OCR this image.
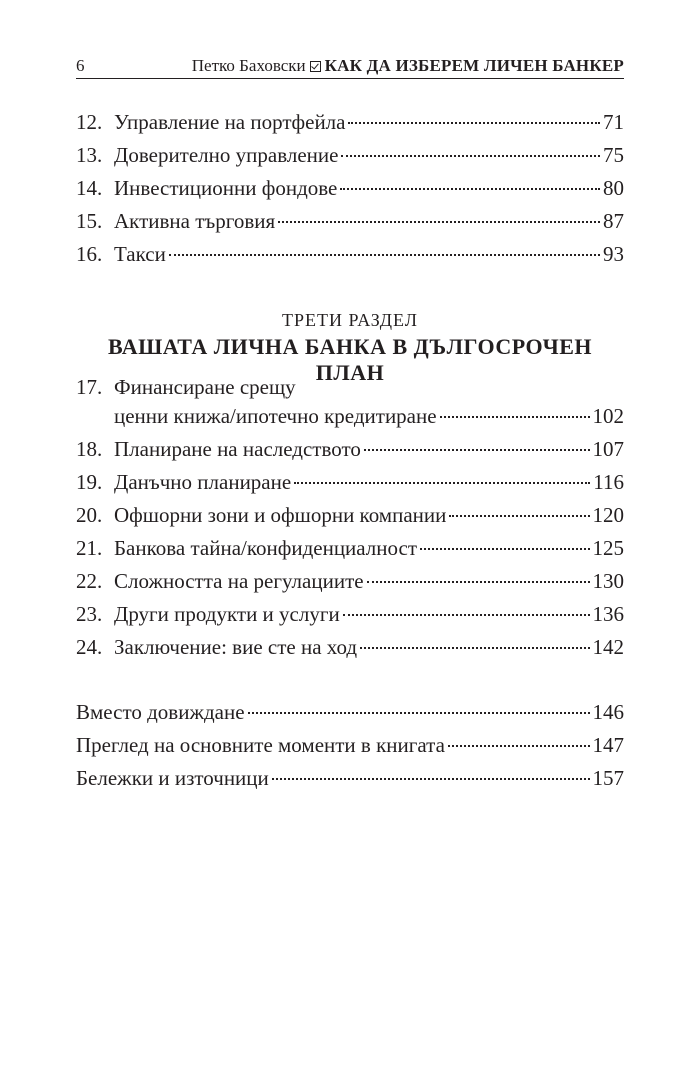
6	Петко Баховски КАК ДА ИЗБЕРЕМ ЛИЧЕН БАНКЕР
12. Управление на портфейла	71
13. Доверително управление	75
14. Инвестиционни фондове	80
15. Активна търговия	87
16. Такси	93
ТРЕТИ РАЗДЕЛ
ВАШАТА ЛИЧНА БАНКА В ДЪЛГОСРОЧЕН ПЛАН
17. Финансиране срещу
ценни книжа/ипотечно кредитиране	102
18. Планиране на наследството	107
19. Данъчно планиране	116
20. Офшорни зони и офшорни компании	120
21. Банкова тайна/конфиденциалност	125
22. Сложността на регулациите	130
23. Други продукти и услуги	136
24. Заключение: вие сте на ход	142
Вместо довиждане	146
Преглед на основните моменти в книгата	147
Бележки и източници	157
